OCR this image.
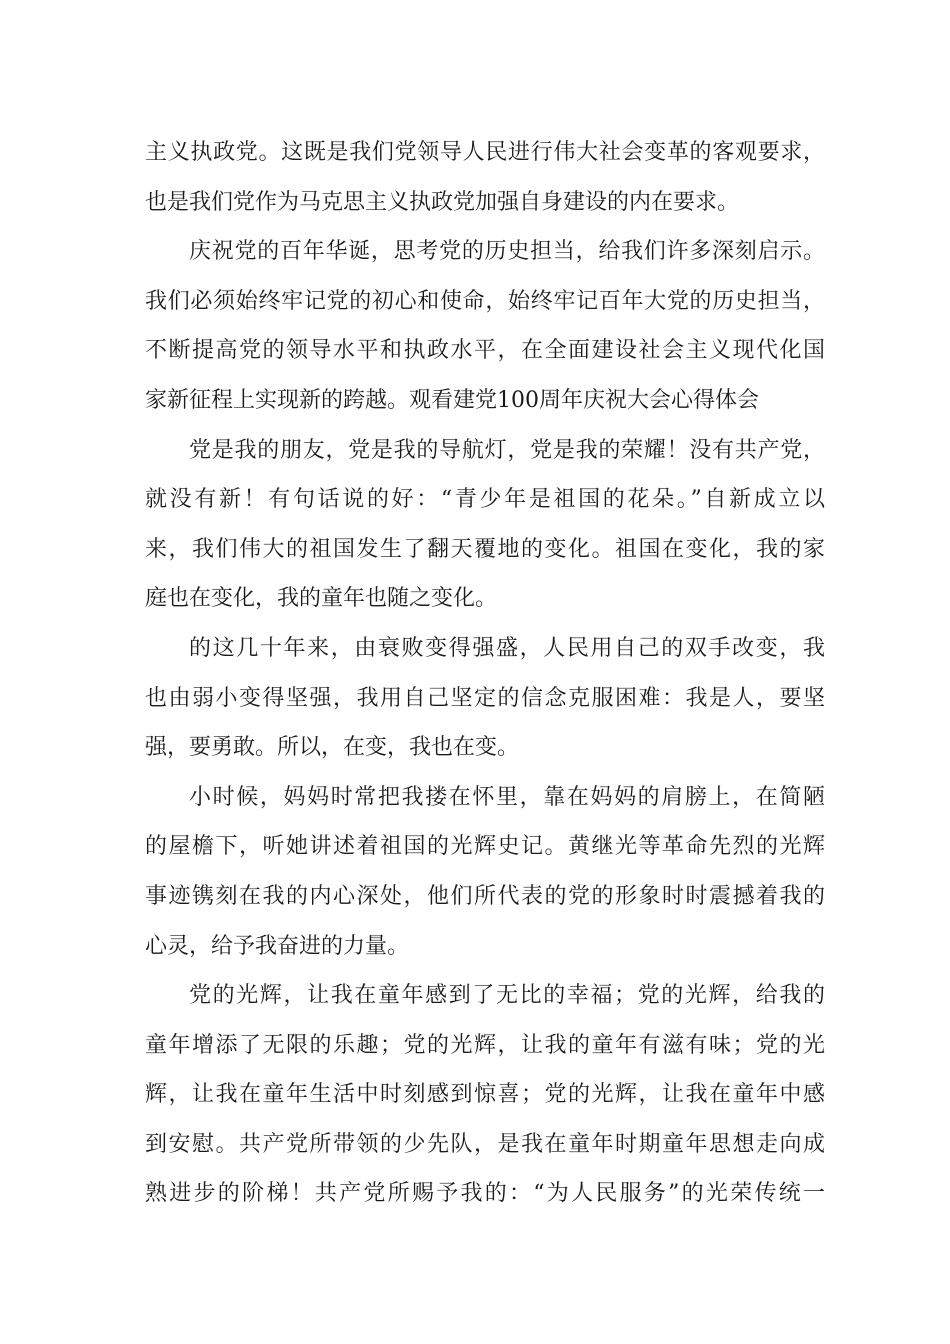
主义执政党。这既是我们党领导人民进行伟大社会变革的客观要求，
也是我们党作为马克思主义执政党加强自身建设的内在要求。
庆祝党的百年华诞，思考党的历史担当，给我们许多深刻启示。
我们必须始终牢记党的初心和使命，始终牢记百年大党的历史担当，
不断提高党的领导水平和执政水平，在全面建设社会主义现代化国
家新征程上实现新的跨越。观看建党100周年庆祝大会心得体会
党是我的朋友，党是我的导航灯，党是我的荣耀！没有共产党，
就没有新！有句话说的好：“青少年是祖国的花朵。”自新成立以
来，我们伟大的祖国发生了翻天覆地的变化。祖国在变化，我的家
庭也在变化，我的童年也随之变化。
的这几十年来，由衰败变得强盛，人民用自己的双手改变，我
也由弱小变得坚强，我用自己坚定的信念克服困难：我是人，要坚
强，要勇敢。所以，在变，我也在变。
小时候，妈妈时常把我搂在怀里，靠在妈妈的肩膀上，在简陋
的屋檐下，听她讲述着祖国的光辉史记。黄继光等革命先烈的光辉
事迹镌刻在我的内心深处，他们所代表的党的形象时时震撼着我的
心灵，给予我奋进的力量。
党的光辉，让我在童年感到了无比的幸福；党的光辉，给我的
童年增添了无限的乐趣；党的光辉，让我的童年有滋有味；党的光
辉，让我在童年生活中时刻感到惊喜；党的光辉，让我在童年中感
到安慰。共产党所带领的少先队，是我在童年时期童年思想走向成
熟进步的阶梯！共产党所赐予我的：“为人民服务”的光荣传统一
